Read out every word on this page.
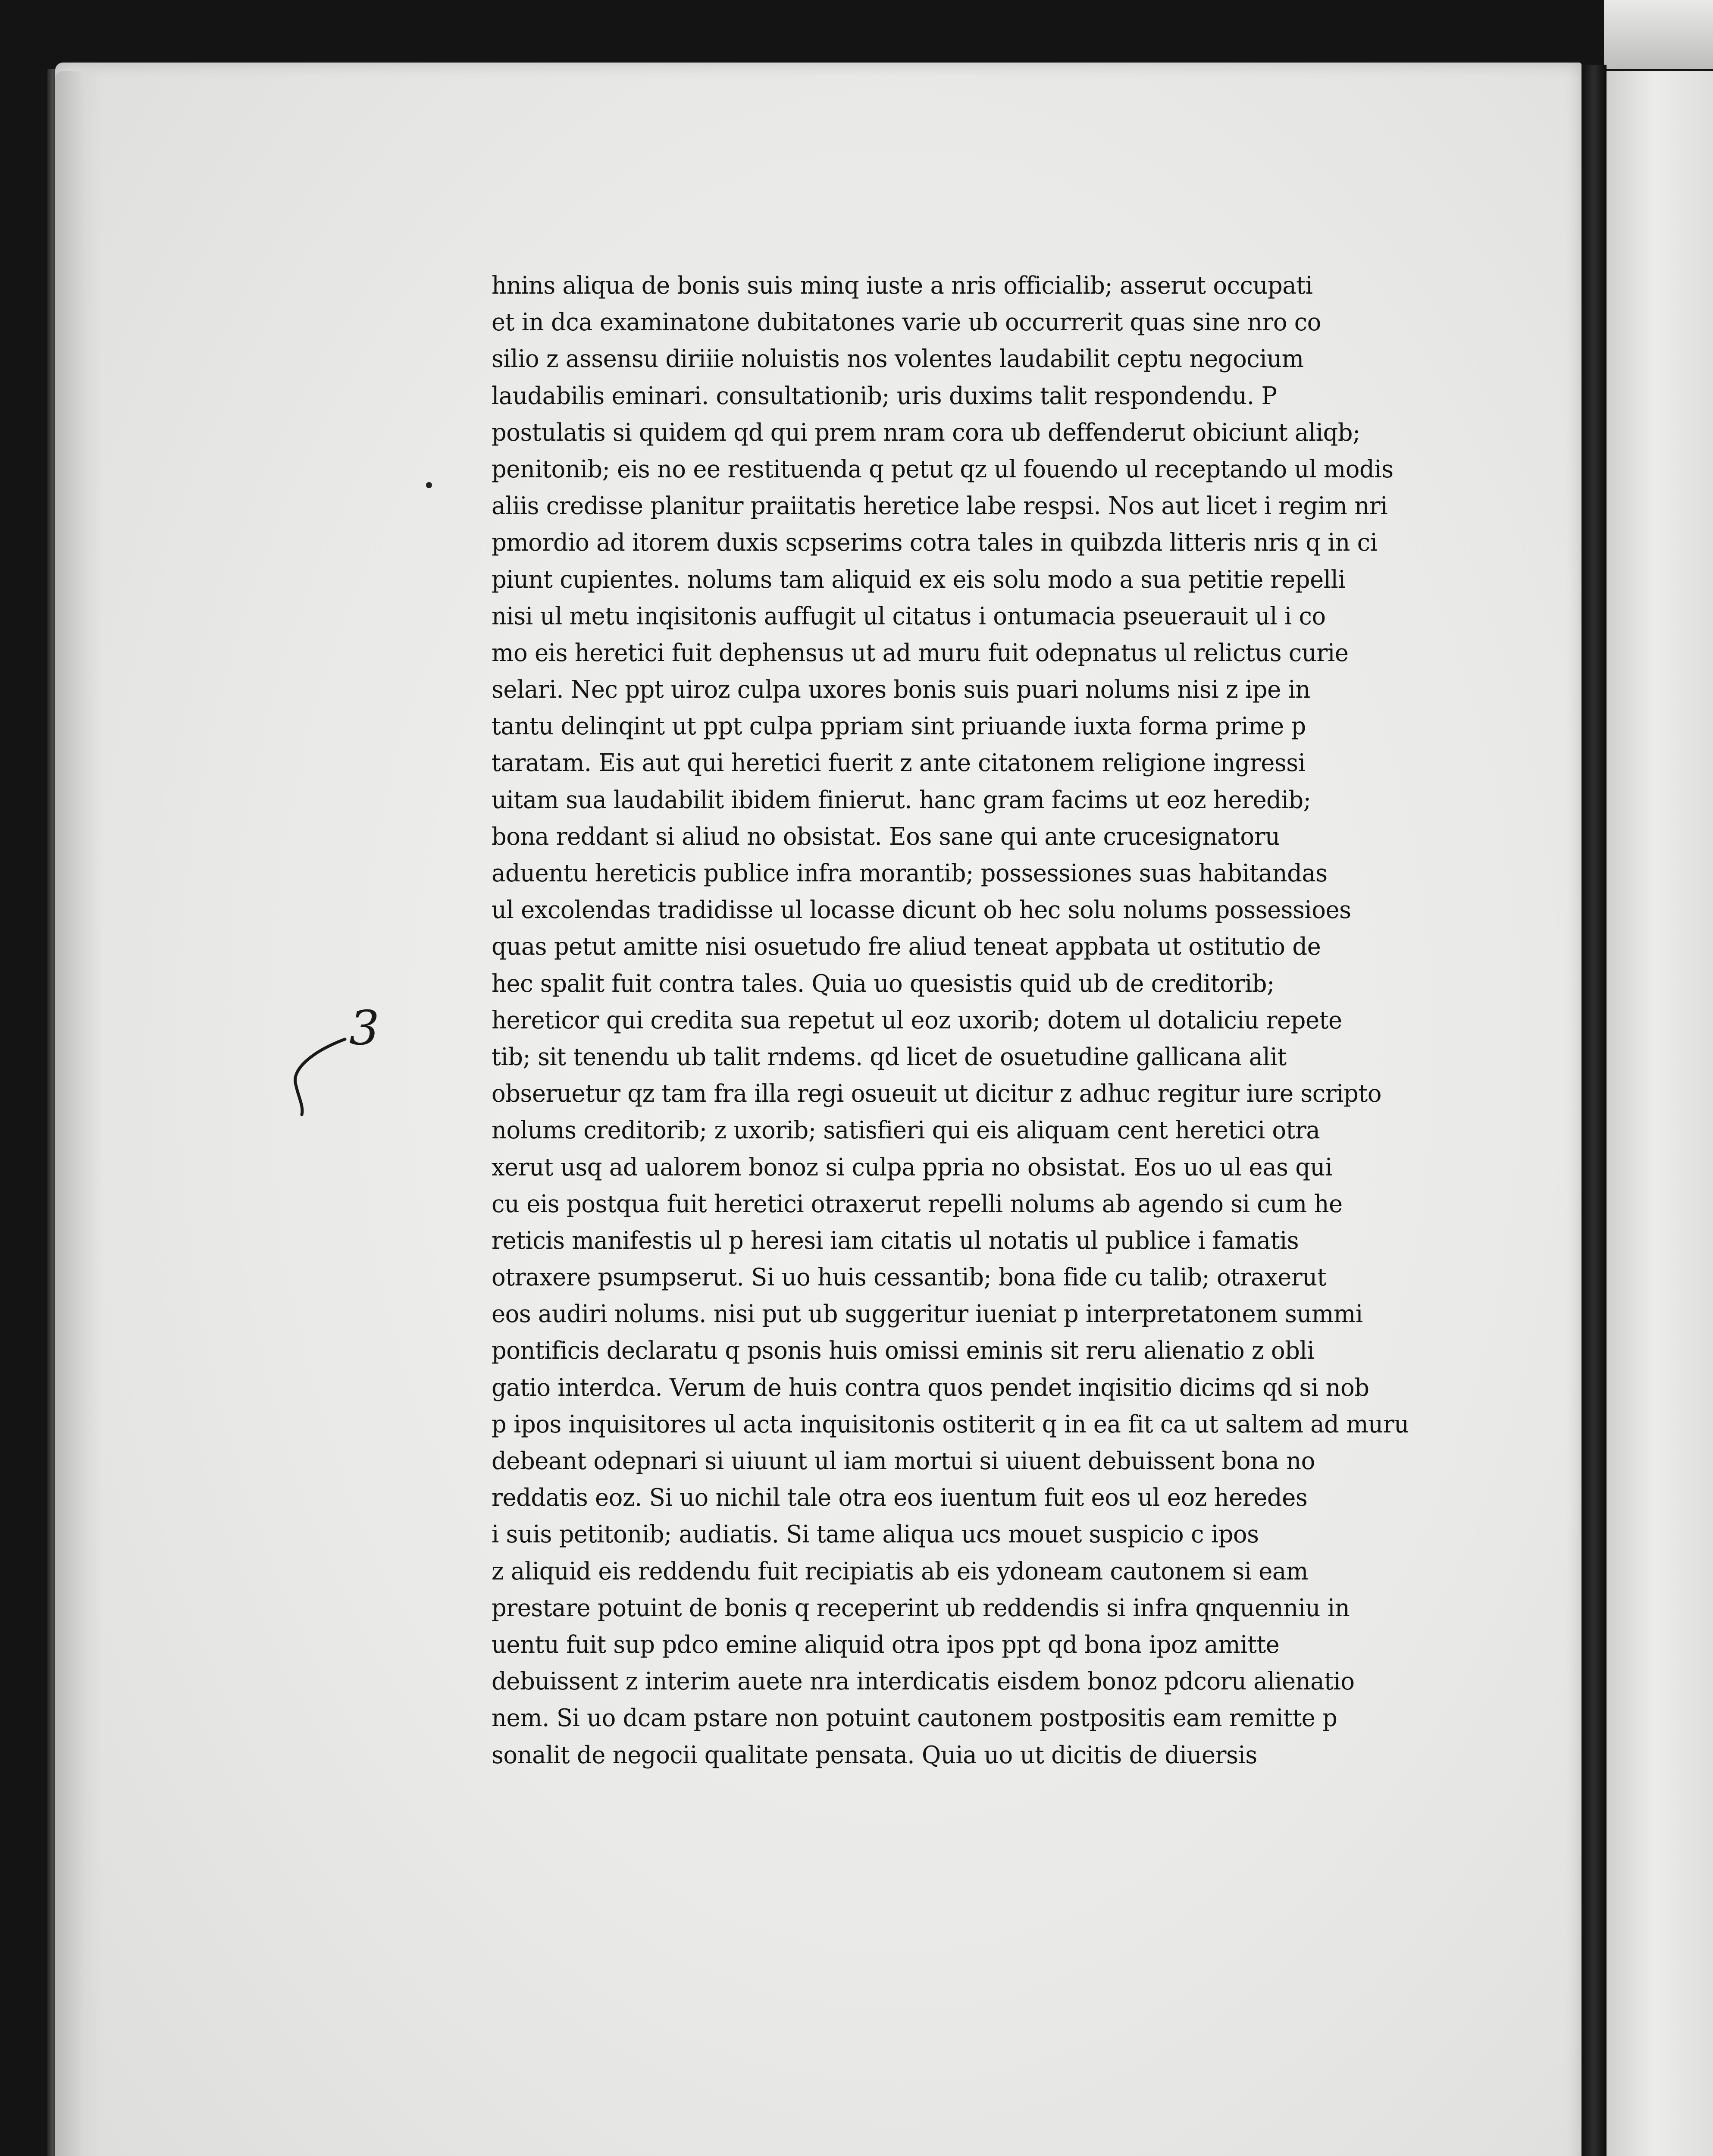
3
hnins aliqua de bonis suis minq iuste a nris officialib; asserut occupati
et in dca examinatone dubitatones varie ub occurrerit quas sine nro co
silio z assensu diriiie noluistis nos volentes laudabilit ceptu negocium
laudabilis eminari. consultationib; uris duxims talit respondendu. P
postulatis si quidem qd qui prem nram cora ub deffenderut obiciunt aliqb;
penitonib; eis no ee restituenda q petut qz ul fouendo ul receptando ul modis
aliis credisse planitur praiitatis heretice labe respsi. Nos aut licet i regim nri
pmordio ad itorem duxis scpserims cotra tales in quibzda litteris nris q in ci
piunt cupientes. nolums tam aliquid ex eis solu modo a sua petitie repelli
nisi ul metu inqisitonis auffugit ul citatus i ontumacia pseuerauit ul i co
mo eis heretici fuit dephensus ut ad muru fuit odepnatus ul relictus curie
selari. Nec ppt uiroz culpa uxores bonis suis puari nolums nisi z ipe in
tantu delinqint ut ppt culpa ppriam sint priuande iuxta forma prime p
taratam. Eis aut qui heretici fuerit z ante citatonem religione ingressi
uitam sua laudabilit ibidem finierut. hanc gram facims ut eoz heredib;
bona reddant si aliud no obsistat. Eos sane qui ante crucesignatoru
aduentu hereticis publice infra morantib; possessiones suas habitandas
ul excolendas tradidisse ul locasse dicunt ob hec solu nolums possessioes
quas petut amitte nisi osuetudo fre aliud teneat appbata ut ostitutio de
hec spalit fuit contra tales. Quia uo quesistis quid ub de creditorib;
hereticor qui credita sua repetut ul eoz uxorib; dotem ul dotaliciu repete
tib; sit tenendu ub talit rndems. qd licet de osuetudine gallicana alit
obseruetur qz tam fra illa regi osueuit ut dicitur z adhuc regitur iure scripto
nolums creditorib; z uxorib; satisfieri qui eis aliquam cent heretici otra
xerut usq ad ualorem bonoz si culpa ppria no obsistat. Eos uo ul eas qui
cu eis postqua fuit heretici otraxerut repelli nolums ab agendo si cum he
reticis manifestis ul p heresi iam citatis ul notatis ul publice i famatis
otraxere psumpserut. Si uo huis cessantib; bona fide cu talib; otraxerut
eos audiri nolums. nisi put ub suggeritur iueniat p interpretatonem summi
pontificis declaratu q psonis huis omissi eminis sit reru alienatio z obli
gatio interdca. Verum de huis contra quos pendet inqisitio dicims qd si nob
p ipos inquisitores ul acta inquisitonis ostiterit q in ea fit ca ut saltem ad muru
debeant odepnari si uiuunt ul iam mortui si uiuent debuissent bona no
reddatis eoz. Si uo nichil tale otra eos iuentum fuit eos ul eoz heredes
i suis petitonib; audiatis. Si tame aliqua ucs mouet suspicio c ipos
z aliquid eis reddendu fuit recipiatis ab eis ydoneam cautonem si eam
prestare potuint de bonis q receperint ub reddendis si infra qnquenniu in
uentu fuit sup pdco emine aliquid otra ipos ppt qd bona ipoz amitte
debuissent z interim auete nra interdicatis eisdem bonoz pdcoru alienatio
nem. Si uo dcam pstare non potuint cautonem postpositis eam remitte p
sonalit de negocii qualitate pensata. Quia uo ut dicitis de diuersis
